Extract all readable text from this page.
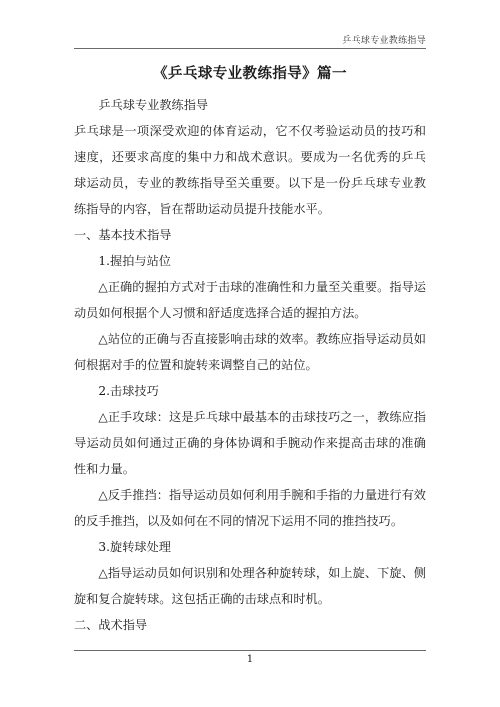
乒乓球专业教练指导
《乒乓球专业教练指导》篇一

乒乓球专业教练指导

乒乓球是一项深受欢迎的体育运动，它不仅考验运动员的技巧和速度，还要求高度的集中力和战术意识。要成为一名优秀的乒乓球运动员，专业的教练指导至关重要。以下是一份乒乓球专业教练指导的内容，旨在帮助运动员提升技能水平。

一、基本技术指导

1.握拍与站位

△正确的握拍方式对于击球的准确性和力量至关重要。指导运动员如何根据个人习惯和舒适度选择合适的握拍方法。

△站位的正确与否直接影响击球的效率。教练应指导运动员如何根据对手的位置和旋转来调整自己的站位。

2.击球技巧

△正手攻球：这是乒乓球中最基本的击球技巧之一，教练应指导运动员如何通过正确的身体协调和手腕动作来提高击球的准确性和力量。

△反手推挡：指导运动员如何利用手腕和手指的力量进行有效的反手推挡，以及如何在不同的情况下运用不同的推挡技巧。

3.旋转球处理

△指导运动员如何识别和处理各种旋转球，如上旋、下旋、侧旋和复合旋转球。这包括正确的击球点和时机。

二、战术指导

1
